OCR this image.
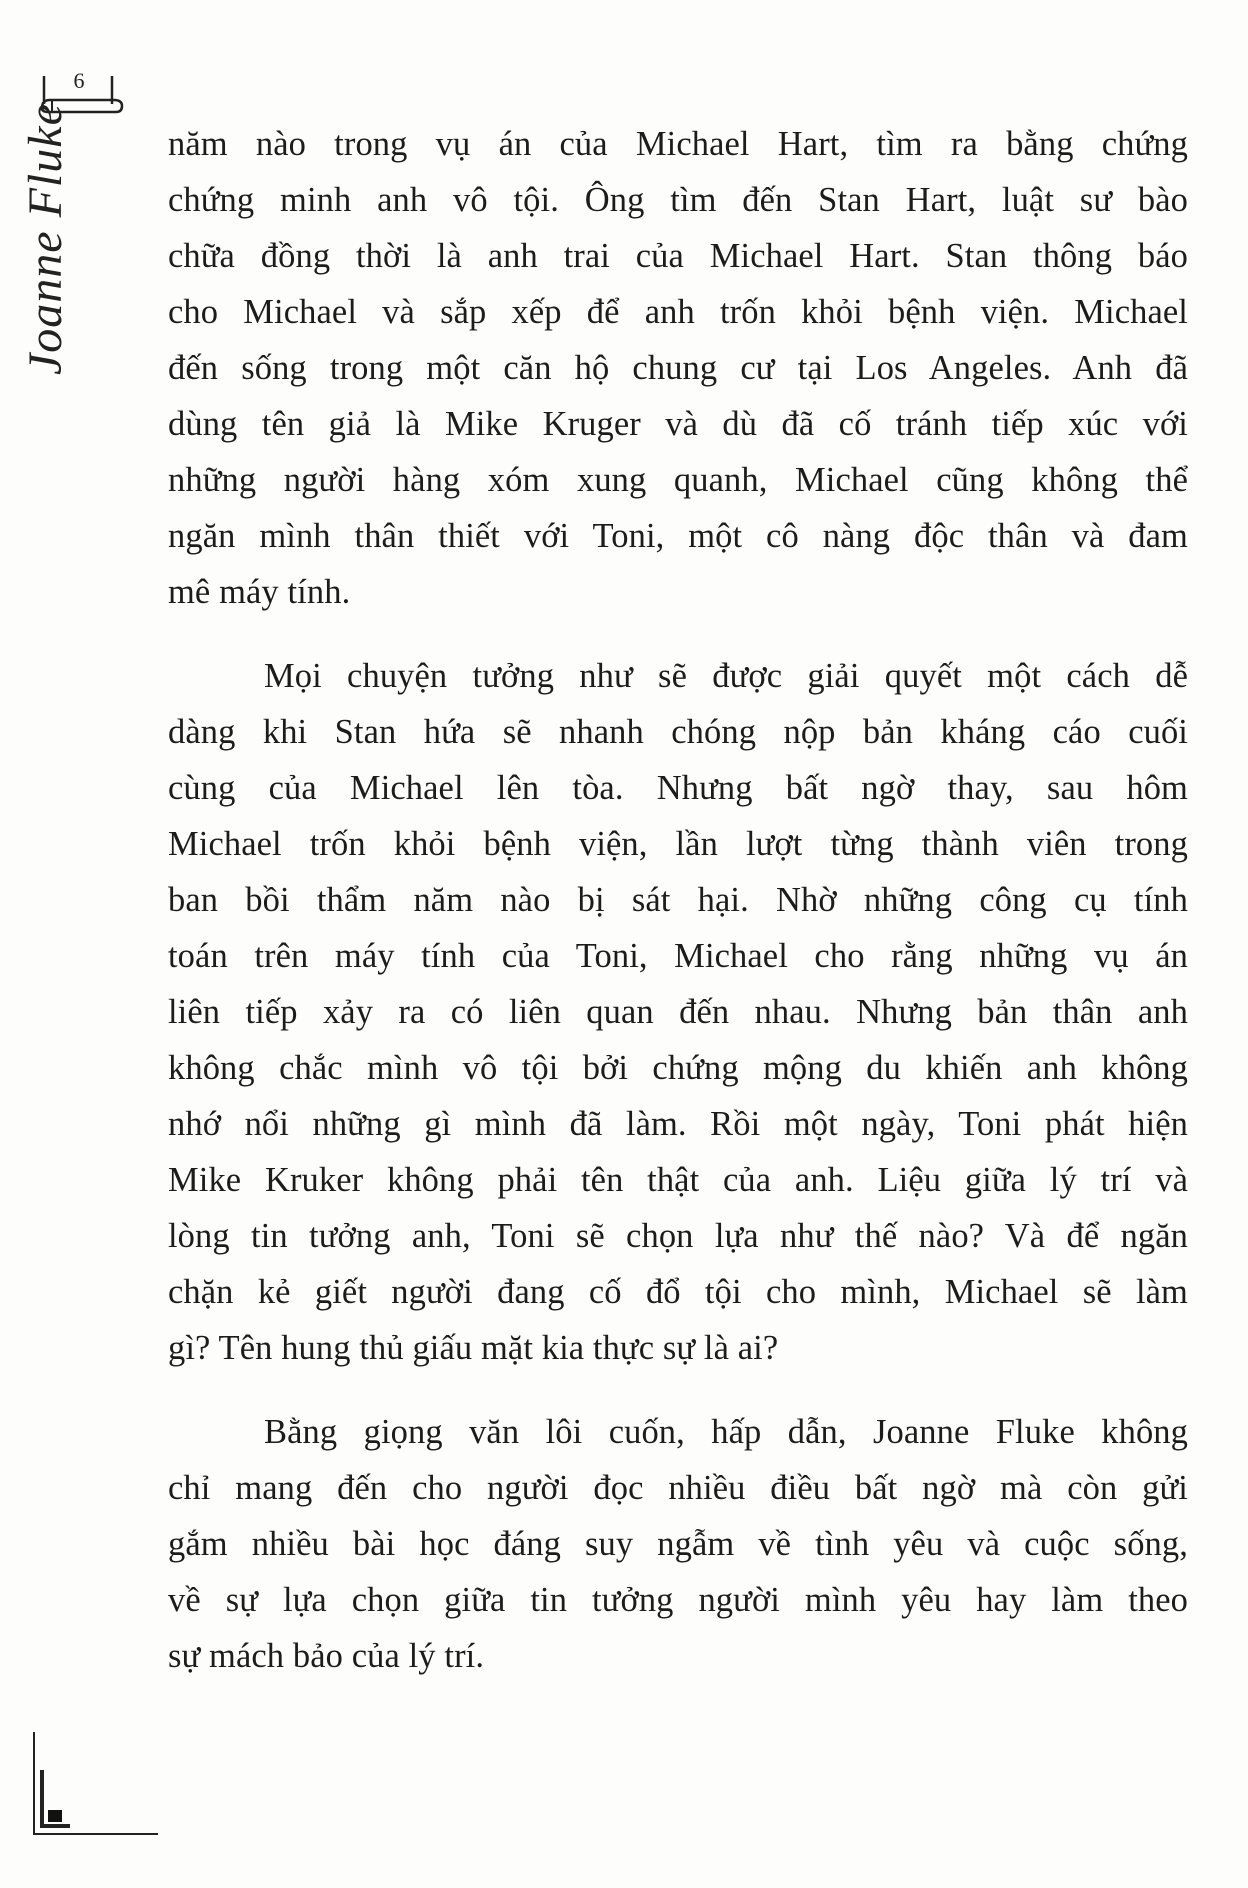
6
Joanne Fluke	năm nào trong vụ án của Michael Hart, tìm ra bằng chứng
chứng minh anh vô tội. Ông tìm đến Stan Hart, luật sư bào
chữa đồng thời là anh trai của Michael Hart. Stan thông báo
cho Michael và sắp xếp để anh trốn khỏi bệnh viện. Michael
đến sống trong một căn hộ chung cư tại Los Angeles. Anh đã
dùng tên giả là Mike Kruger và dù đã cố tránh tiếp xúc với
những người hàng xóm xung quanh, Michael cũng không thể
ngăn mình thân thiết với Toni, một cô nàng độc thân và đam
mê máy tính.

Mọi chuyện tưởng như sẽ được giải quyết một cách dễ
dàng khi Stan hứa sẽ nhanh chóng nộp bản kháng cáo cuối
cùng của Michael lên tòa. Nhưng bất ngờ thay, sau hôm
Michael trốn khỏi bệnh viện, lần lượt từng thành viên trong
ban bồi thẩm năm nào bị sát hại. Nhờ những công cụ tính
toán trên máy tính của Toni, Michael cho rằng những vụ án
liên tiếp xảy ra có liên quan đến nhau. Nhưng bản thân anh
không chắc mình vô tội bởi chứng mộng du khiến anh không
nhớ nổi những gì mình đã làm. Rồi một ngày, Toni phát hiện
Mike Kruker không phải tên thật của anh. Liệu giữa lý trí và
lòng tin tưởng anh, Toni sẽ chọn lựa như thế nào? Và để ngăn
chặn kẻ giết người đang cố đổ tội cho mình, Michael sẽ làm
gì? Tên hung thủ giấu mặt kia thực sự là ai?

Bằng giọng văn lôi cuốn, hấp dẫn, Joanne Fluke không
chỉ mang đến cho người đọc nhiều điều bất ngờ mà còn gửi
gắm nhiều bài học đáng suy ngẫm về tình yêu và cuộc sống,
về sự lựa chọn giữa tin tưởng người mình yêu hay làm theo
sự mách bảo của lý trí.
